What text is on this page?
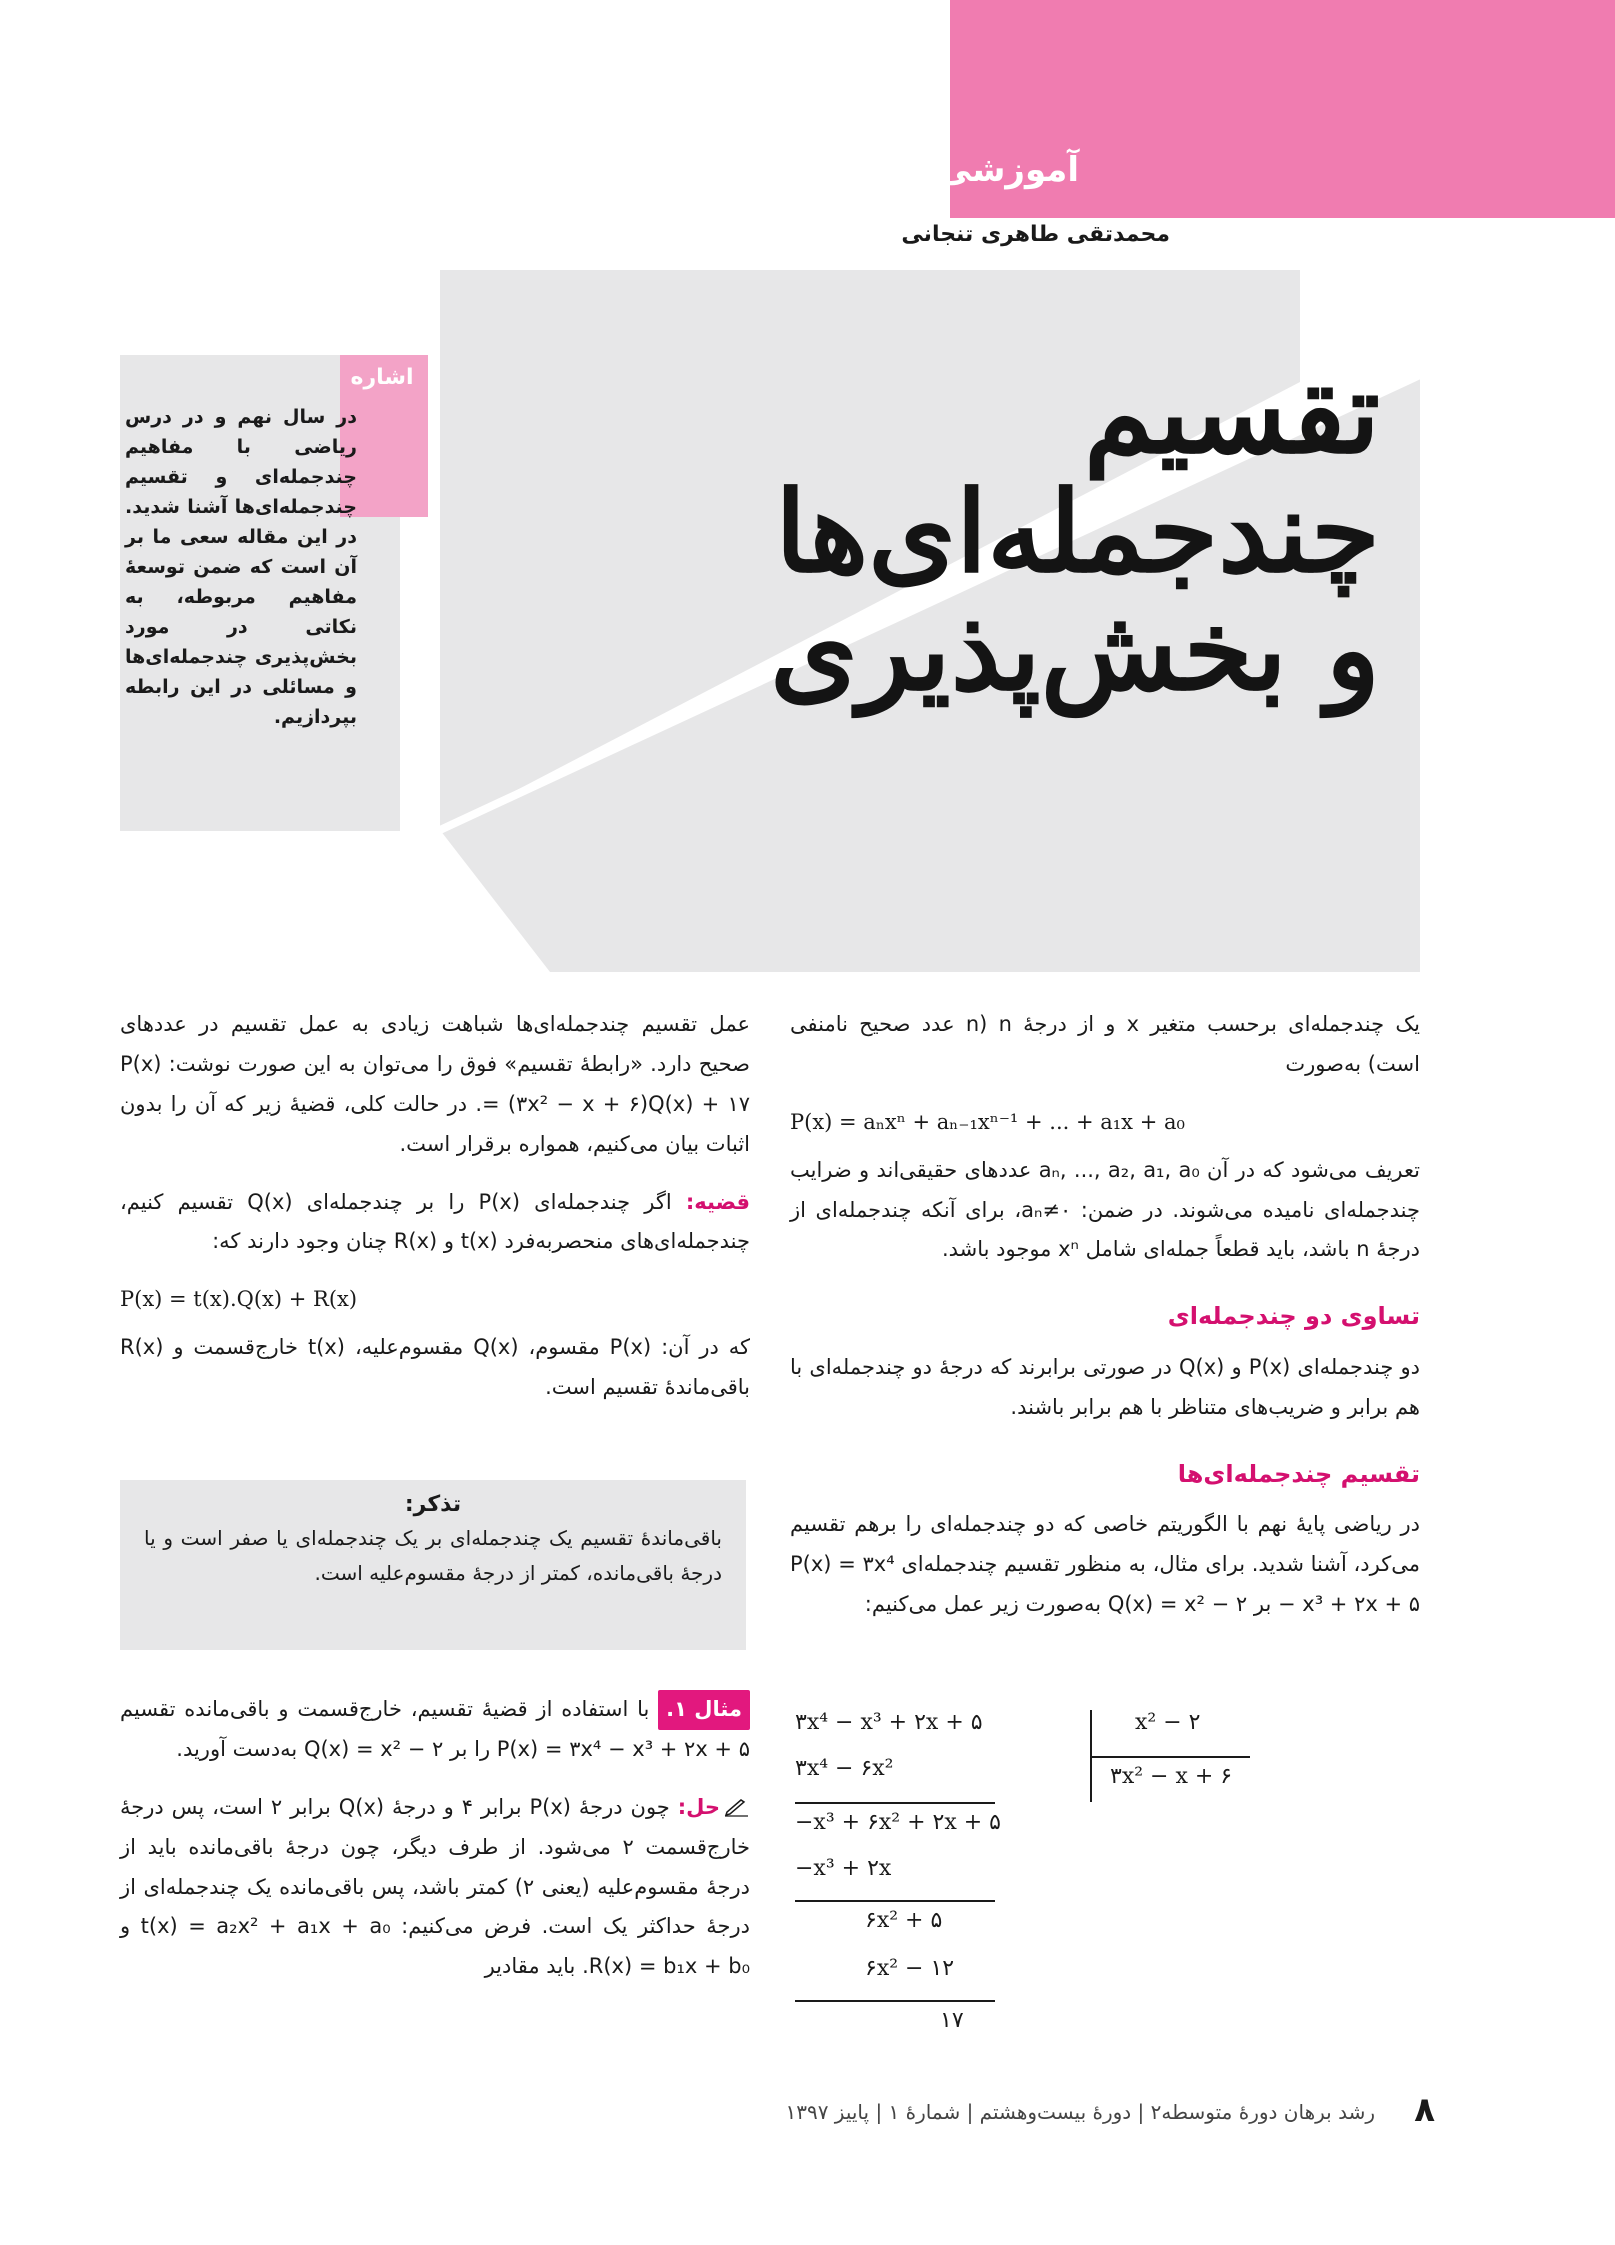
آموزشی
محمدتقی طاهری تنجانی
تقسیم
چندجمله‌ای‌ها
و بخش‌پذیری
اشاره
در سال نهم و در درس ریاضی با مفاهیم چندجمله‌ای و تقسیم چندجمله‌ای‌ها آشنا شدید. در این مقاله سعی ما بر آن است که ضمن توسعهٔ مفاهیم مربوطه، به نکاتی در مورد بخش‌پذیری چندجمله‌ای‌ها و مسائلی در این رابطه بپردازیم.

یک چندجمله‌ای برحسب متغیر x و از درجهٔ n (n عدد صحیح نامنفی است) به‌صورت

P(x) = aₙxⁿ + aₙ₋₁xⁿ⁻¹ + ... + a₁x + a₀

تعریف می‌شود که در آن aₙ, ..., a₂, a₁, a₀ عددهای حقیقی‌اند و ضرایب چندجمله‌ای نامیده می‌شوند. در ضمن: aₙ≠۰، برای آنکه چندجمله‌ای از درجهٔ n باشد، باید قطعاً جمله‌ای شامل xⁿ موجود باشد.

تساوی دو چندجمله‌ای

دو چندجمله‌ای P(x) و Q(x) در صورتی برابرند که درجهٔ دو چندجمله‌ای با هم برابر و ضریب‌های متناظر با هم برابر باشند.

تقسیم چندجمله‌ای‌ها

در ریاضی پایهٔ نهم با الگوریتم خاصی که دو چندجمله‌ای را برهم تقسیم می‌کرد، آشنا شدید. برای مثال، به منظور تقسیم چندجمله‌ای P(x) = ۳x⁴ − x³ + ۲x + ۵ بر Q(x) = x² − ۲ به‌صورت زیر عمل می‌کنیم:

۳x⁴ − x³ + ۲x + ۵	x² − ۲
۳x² − x + ۶
۳x⁴ − ۶x²
−x³ + ۶x² + ۲x + ۵
−x³ + ۲x
۶x² + ۵
۶x² − ۱۲
۱۷

عمل تقسیم چندجمله‌ای‌ها شباهت زیادی به عمل تقسیم در عددهای صحیح دارد. «رابطهٔ تقسیم» فوق را می‌توان به این صورت نوشت: P(x) = (۳x² − x + ۶)Q(x) + ۱۷. در حالت کلی، قضیهٔ زیر که آن را بدون اثبات بیان می‌کنیم، همواره برقرار است.

قضیه: اگر چندجمله‌ای P(x) را بر چندجمله‌ای Q(x) تقسیم کنیم، چندجمله‌ای‌های منحصربه‌فرد t(x) و R(x) چنان وجود دارند که:

P(x) = t(x).Q(x) + R(x)

که در آن: P(x) مقسوم، Q(x) مقسوم‌علیه، t(x) خارج‌قسمت و R(x) باقی‌ماندهٔ تقسیم است.

تذکر:
باقی‌ماندهٔ تقسیم یک چندجمله‌ای بر یک چندجمله‌ای یا صفر است و یا درجهٔ باقی‌مانده، کمتر از درجهٔ مقسوم‌علیه است.

مثال ۱. با استفاده از قضیهٔ تقسیم، خارج‌قسمت و باقی‌مانده تقسیم P(x) = ۳x⁴ − x³ + ۲x + ۵ را بر Q(x) = x² − ۲ به‌دست آورید.

حل: چون درجهٔ P(x) برابر ۴ و درجهٔ Q(x) برابر ۲ است، پس درجهٔ خارج‌قسمت ۲ می‌شود. از طرف دیگر، چون درجهٔ باقی‌مانده باید از درجهٔ مقسوم‌علیه (یعنی ۲) کمتر باشد، پس باقی‌مانده یک چندجمله‌ای از درجهٔ حداکثر یک است. فرض می‌کنیم: t(x) = a₂x² + a₁x + a₀ و R(x) = b₁x + b₀. باید مقادیر

رشد برهان دورهٔ متوسطه۲ | دورهٔ بیست‌وهشتم | شمارهٔ ۱ | پاییز ۱۳۹۷ ۸
